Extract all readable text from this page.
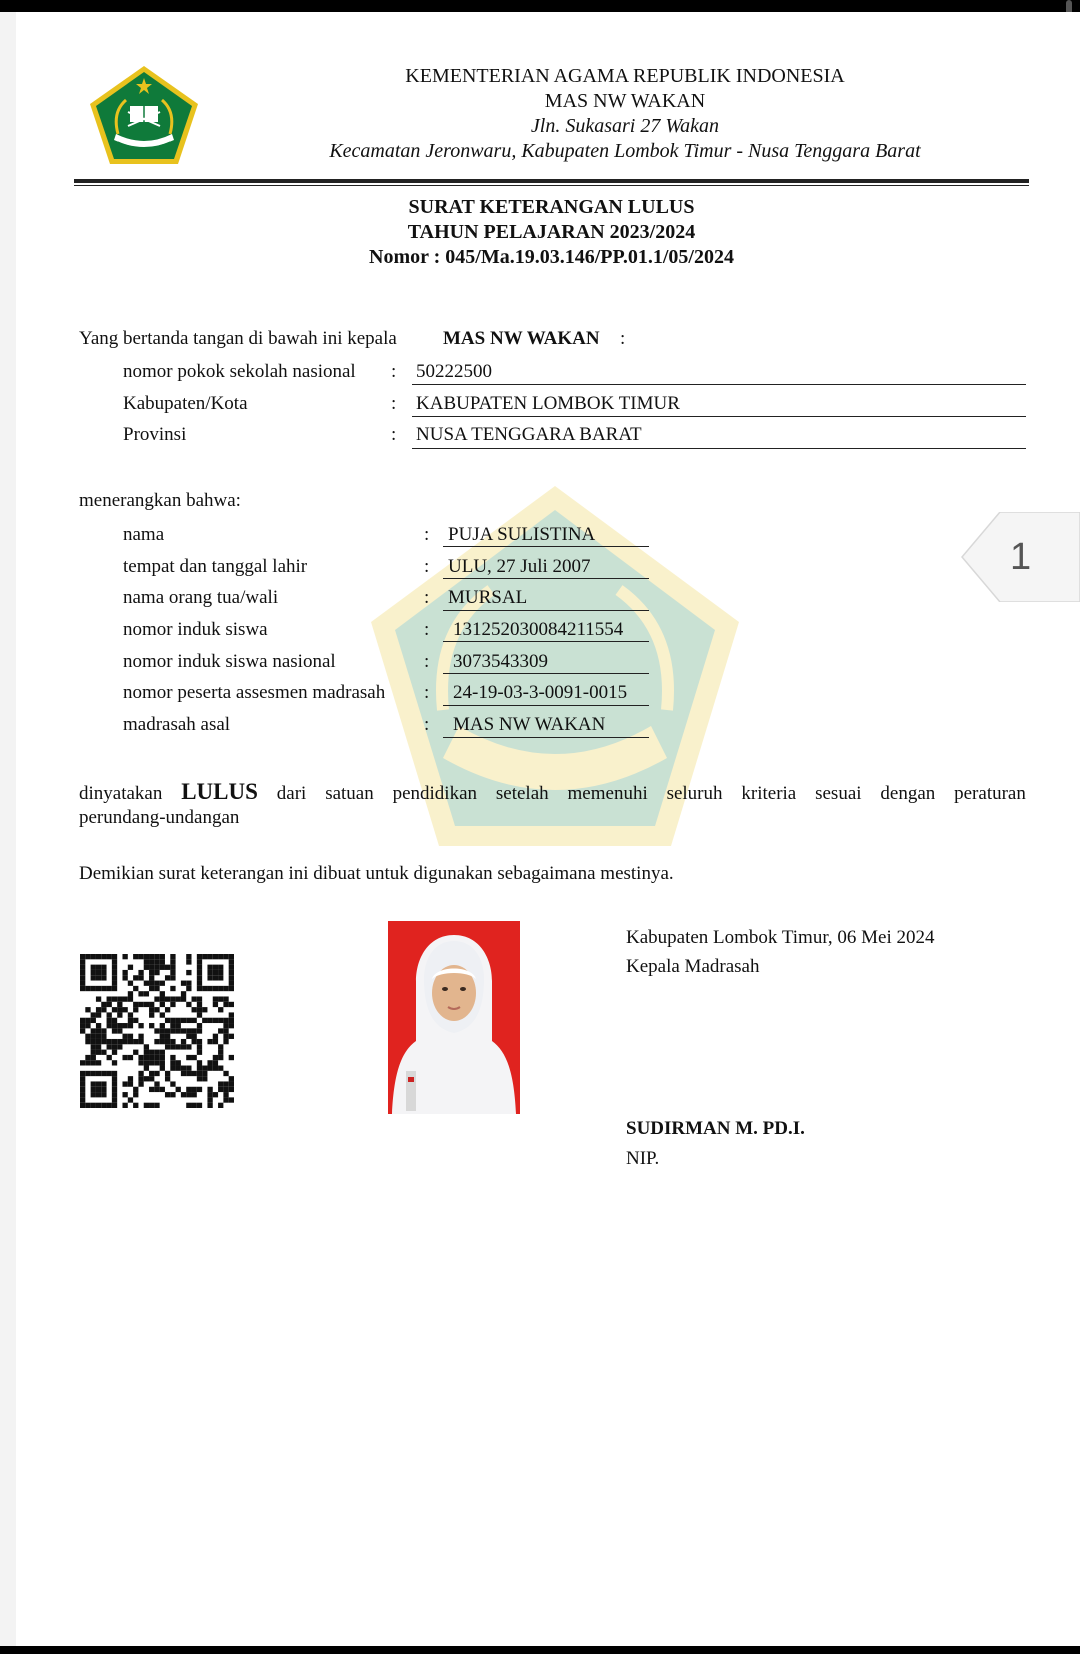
KEMENTERIAN AGAMA REPUBLIK INDONESIA
MAS NW WAKAN
Jln. Sukasari 27 Wakan
Kecamatan Jeronwaru, Kabupaten Lombok Timur - Nusa Tenggara Barat
SURAT KETERANGAN LULUS
TAHUN PELAJARAN 2023/2024
Nomor : 045/Ma.19.03.146/PP.01.1/05/2024
Yang bertanda tangan di bawah ini kepala MAS NW WAKAN :
nomor pokok sekolah nasional : 50222500
Kabupaten/Kota	: KABUPATEN LOMBOK TIMUR
Provinsi	: NUSA TENGGARA BARAT
menerangkan bahwa:
nama	: PUJA SULISTINA
tempat dan tanggal lahir	: ULU, 27 Juli 2007
nama orang tua/wali	: MURSAL
nomor induk siswa	: 131252030084211554
nomor induk siswa nasional	: 3073543309
nomor peserta assesmen madrasah : 24-19-03-3-0091-0015
madrasah asal	: MAS NW WAKAN
dinyatakan LULUS dari satuan pendidikan setelah memenuhi seluruh kriteria sesuai dengan peraturan
perundang-undangan
Demikian surat keterangan ini dibuat untuk digunakan sebagaimana mestinya.
Kabupaten Lombok Timur, 06 Mei 2024
Kepala Madrasah
SUDIRMAN M. PD.I.
NIP.
1
